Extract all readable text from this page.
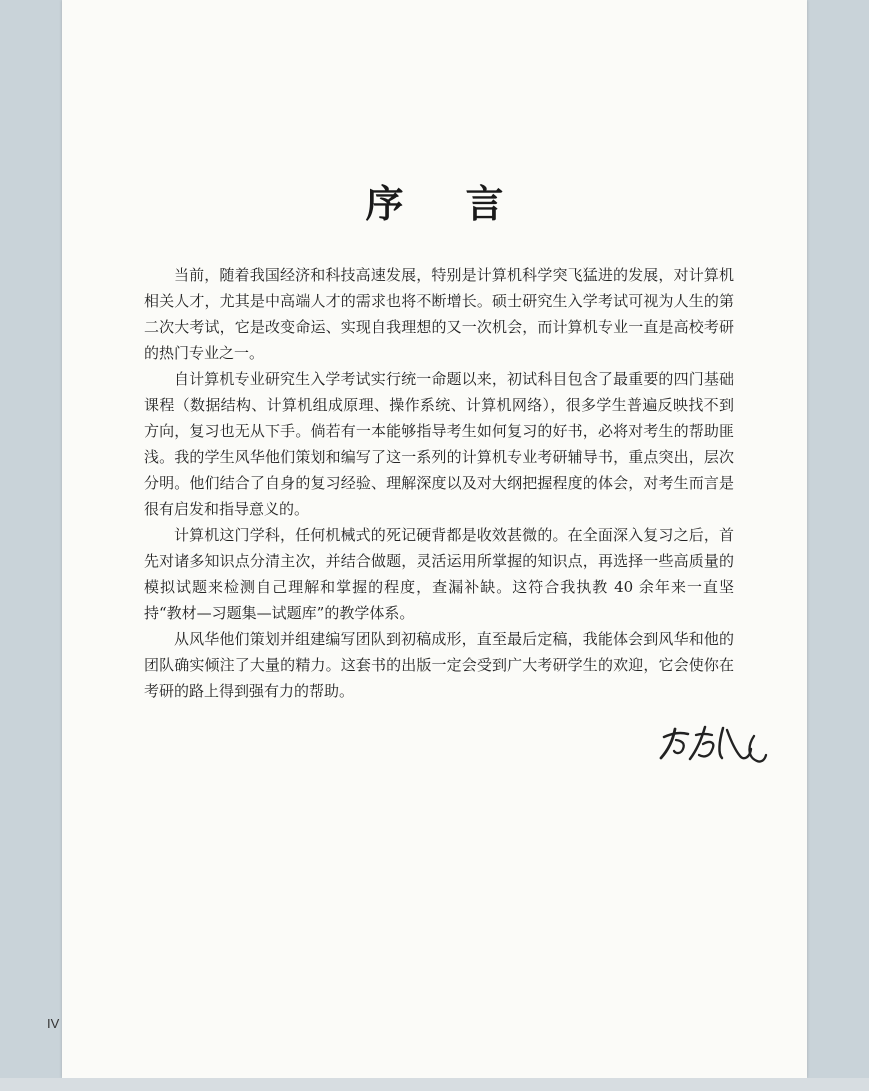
序 言

当前，随着我国经济和科技高速发展，特别是计算机科学突飞猛进的发展，对计算机相关人才，尤其是中高端人才的需求也将不断增长。硕士研究生入学考试可视为人生的第二次大考试，它是改变命运、实现自我理想的又一次机会，而计算机专业一直是高校考研的热门专业之一。

自计算机专业研究生入学考试实行统一命题以来，初试科目包含了最重要的四门基础课程（数据结构、计算机组成原理、操作系统、计算机网络），很多学生普遍反映找不到方向，复习也无从下手。倘若有一本能够指导考生如何复习的好书，必将对考生的帮助匪浅。我的学生风华他们策划和编写了这一系列的计算机专业考研辅导书，重点突出，层次分明。他们结合了自身的复习经验、理解深度以及对大纲把握程度的体会，对考生而言是很有启发和指导意义的。

计算机这门学科，任何机械式的死记硬背都是收效甚微的。在全面深入复习之后，首先对诸多知识点分清主次，并结合做题，灵活运用所掌握的知识点，再选择一些高质量的模拟试题来检测自己理解和掌握的程度，查漏补缺。这符合我执教 40 余年来一直坚持“教材—习题集—试题库”的教学体系。

从风华他们策划并组建编写团队到初稿成形，直至最后定稿，我能体会到风华和他的团队确实倾注了大量的精力。这套书的出版一定会受到广大考研学生的欢迎，它会使你在考研的路上得到强有力的帮助。

IV
